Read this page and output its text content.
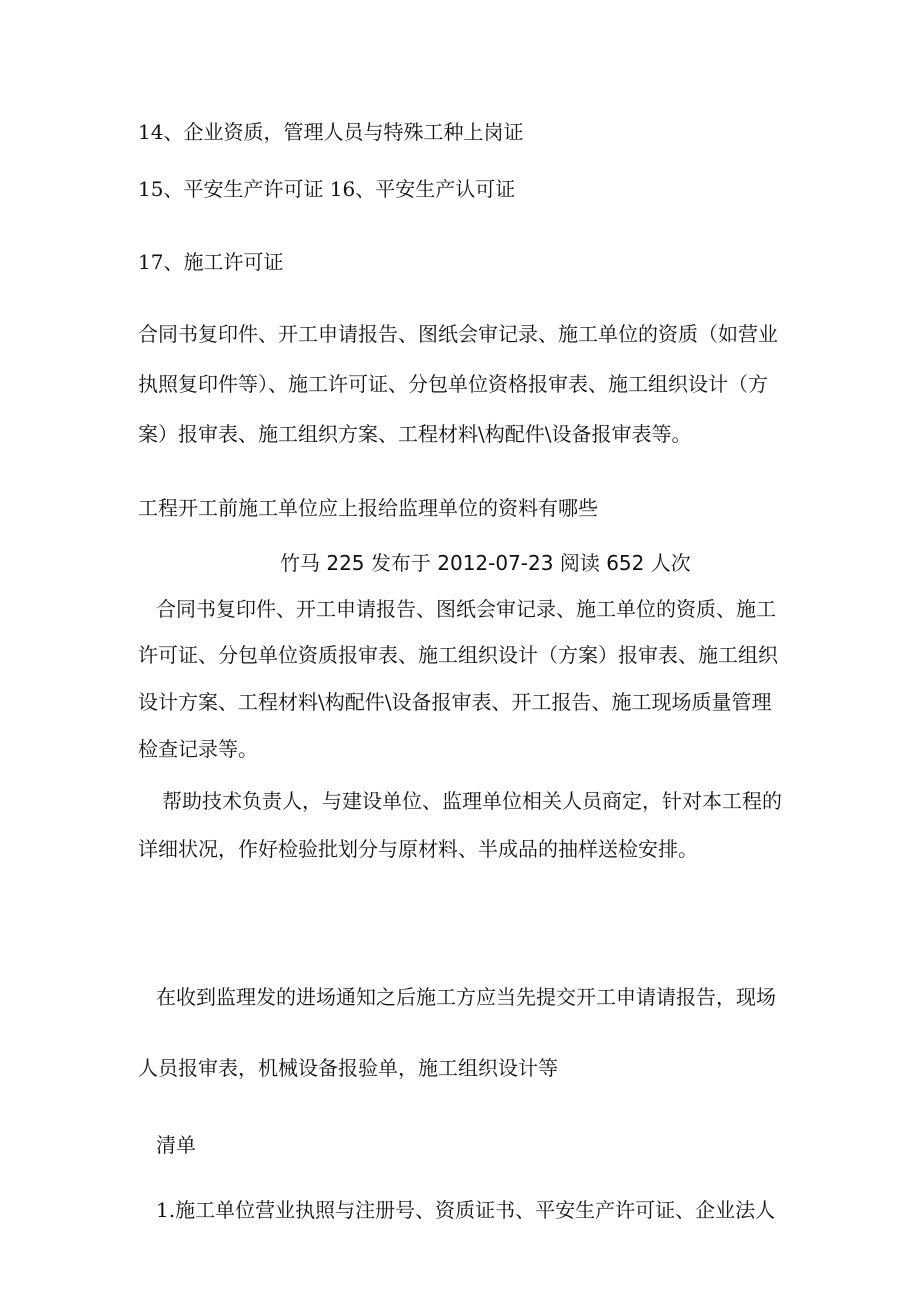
14、企业资质，管理人员与特殊工种上岗证

15、平安生产许可证 16、平安生产认可证

17、施工许可证

合同书复印件、开工申请报告、图纸会审记录、施工单位的资质（如营业

执照复印件等）、施工许可证、分包单位资格报审表、施工组织设计（方

案）报审表、施工组织方案、工程材料\构配件\设备报审表等。

工程开工前施工单位应上报给监理单位的资料有哪些

竹马 225 发布于 2012-07-23 阅读 652 人次

合同书复印件、开工申请报告、图纸会审记录、施工单位的资质、施工

许可证、分包单位资质报审表、施工组织设计（方案）报审表、施工组织

设计方案、工程材料\构配件\设备报审表、开工报告、施工现场质量管理

检查记录等。

帮助技术负责人，与建设单位、监理单位相关人员商定，针对本工程的

详细状况，作好检验批划分与原材料、半成品的抽样送检安排。

在收到监理发的进场通知之后施工方应当先提交开工申请请报告，现场

人员报审表，机械设备报验单，施工组织设计等

清单

1.施工单位营业执照与注册号、资质证书、平安生产许可证、企业法人
